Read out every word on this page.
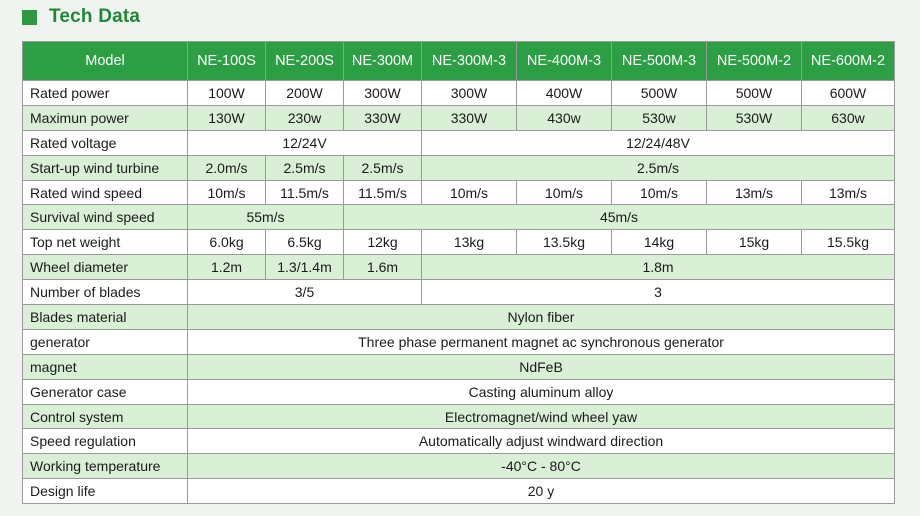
Tech Data
Model	NE-100S	NE-200S	NE-300M	NE-300M-3	NE-400M-3	NE-500M-3	NE-500M-2	NE-600M-2
Rated power	100W	200W	300W	300W	400W	500W	500W	600W
Maximun power	130W	230w	330W	330W	430w	530w	530W	630w
Rated voltage	12/24V			12/24/48V				
Start-up wind turbine	2.0m/s	2.5m/s	2.5m/s	2.5m/s				
Rated wind speed	10m/s	11.5m/s	11.5m/s	10m/s	10m/s	10m/s	13m/s	13m/s
Survival wind speed	55m/s		45m/s					
Top net weight	6.0kg	6.5kg	12kg	13kg	13.5kg	14kg	15kg	15.5kg
Wheel diameter	1.2m	1.3/1.4m	1.6m	1.8m				
Number of blades	3/5			3				
Blades material	Nylon fiber							
generator	Three phase permanent magnet ac synchronous generator							
magnet	NdFeB							
Generator case	Casting aluminum alloy							
Control system	Electromagnet/wind wheel yaw							
Speed regulation	Automatically adjust windward direction							
Working temperature	-40°C - 80°C							
Design life	20 y							
